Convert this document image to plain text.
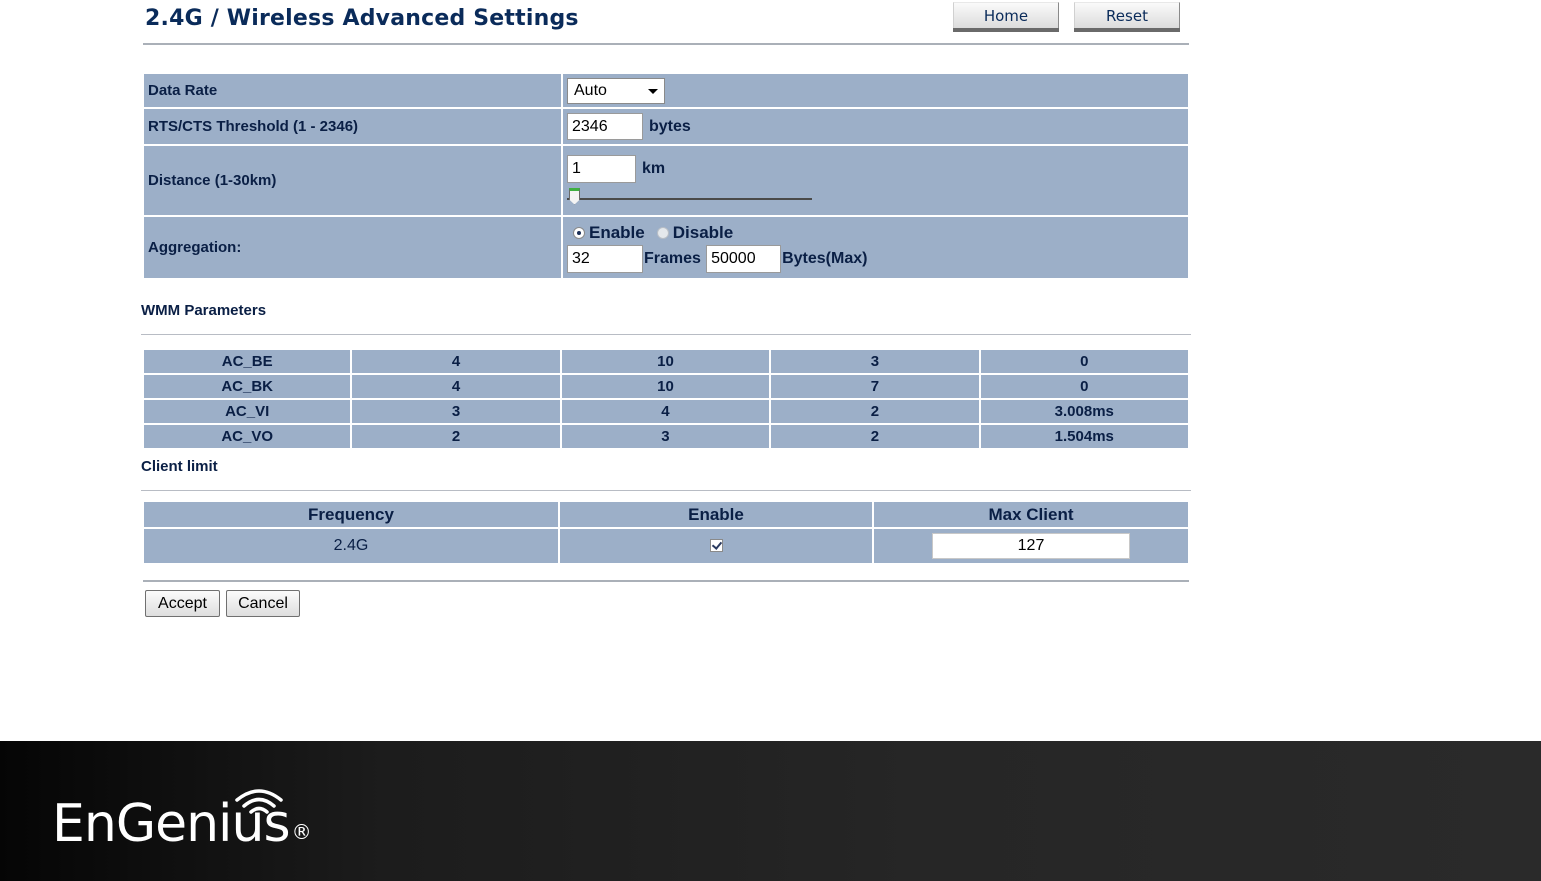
2.4G / Wireless Advanced Settings	Home	Reset
Data Rate	Auto

RTS/CTS Threshold (1 - 2346)	2346 bytes
Distance (1-30km)	1 km

Aggregation:	Enable Disable
32 Frames 50000 Bytes(Max)
WMM Parameters
AC_BE	4	10	3	0
AC_BK	4	10	7	0
AC_VI	3	4	2	3.008ms
AC_VO	2	3	2	1.504ms
Client limit
Frequency	Enable	Max Client
2.4G		127
Accept	Cancel
EnGenius ®
